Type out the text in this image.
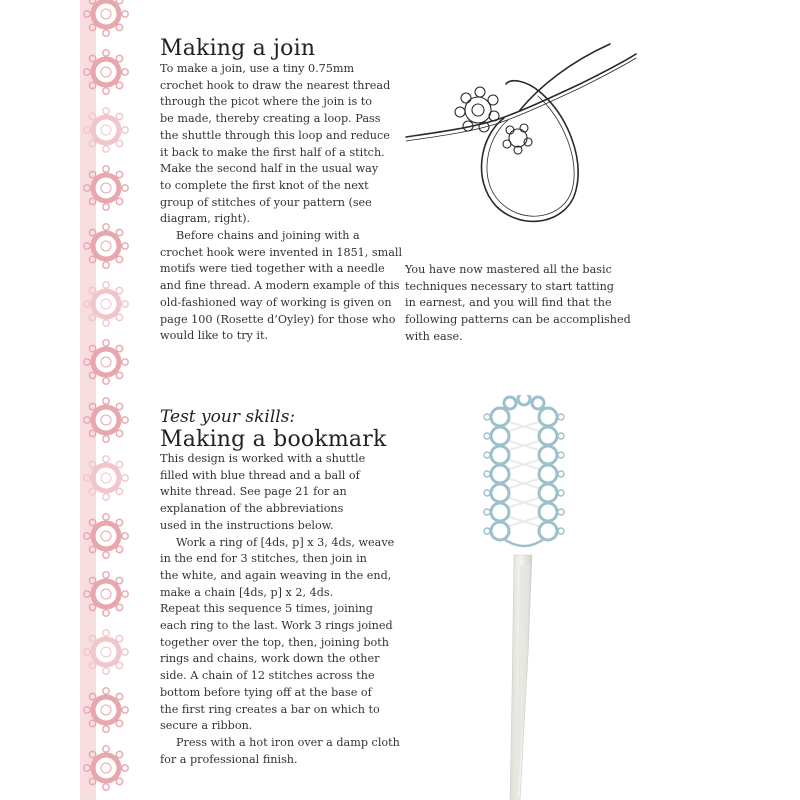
Making a join

To make a join, use a tiny 0.75mm
crochet hook to draw the nearest thread
through the picot where the join is to
be made, thereby creating a loop. Pass
the shuttle through this loop and reduce
it back to make the first half of a stitch.
Make the second half in the usual way
to complete the first knot of the next
group of stitches of your pattern (see
diagram, right).

Before chains and joining with a
crochet hook were invented in 1851, small
motifs were tied together with a needle
and fine thread. A modern example of this
old-fashioned way of working is given on
page 100 (Rosette d’Oyley) for those who
would like to try it.

You have now mastered all the basic
techniques necessary to start tatting
in earnest, and you will find that the
following patterns can be accomplished
with ease.
Test your skills:
Making a bookmark

This design is worked with a shuttle
filled with blue thread and a ball of
white thread. See page 21 for an
explanation of the abbreviations
used in the instructions below.

Work a ring of [4ds, p] x 3, 4ds, weave
in the end for 3 stitches, then join in
the white, and again weaving in the end,
make a chain [4ds, p] x 2, 4ds.
Repeat this sequence 5 times, joining
each ring to the last. Work 3 rings joined
together over the top, then, joining both
rings and chains, work down the other
side. A chain of 12 stitches across the
bottom before tying off at the base of
the first ring creates a bar on which to
secure a ribbon.

Press with a hot iron over a damp cloth
for a professional finish.
